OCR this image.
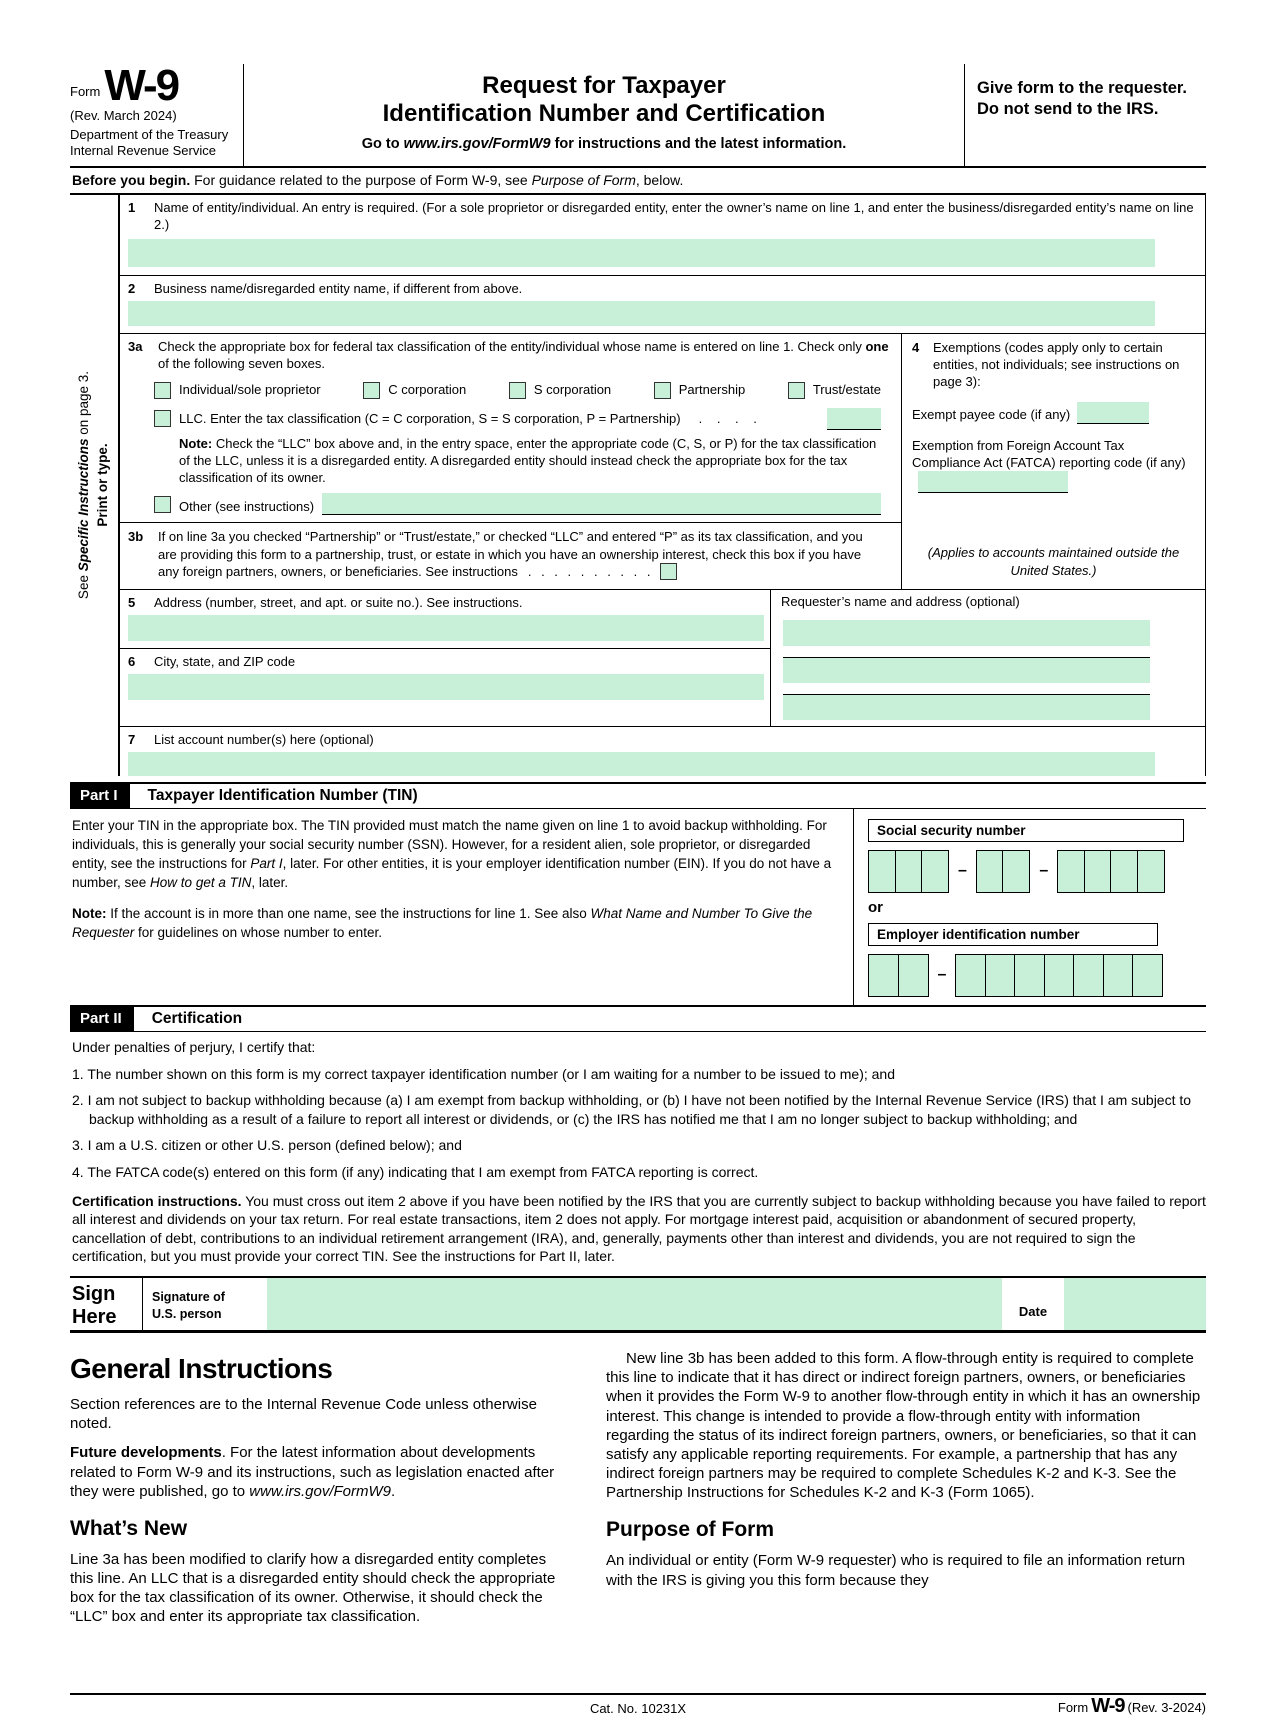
Form W-9
(Rev. March 2024)
Department of the Treasury
Internal Revenue Service
Request for Taxpayer
Identification Number and Certification
Go to www.irs.gov/FormW9 for instructions and the latest information.
Give form to the requester. Do not send to the IRS.
Before you begin. For guidance related to the purpose of Form W-9, see Purpose of Form, below.
See Specific Instructions on page 3.
Print or type.
1	Name of entity/individual. An entry is required. (For a sole proprietor or disregarded entity, enter the owner’s name on line 1, and enter the business/disregarded entity’s name on line 2.)
2	Business name/disregarded entity name, if different from above.
3a	Check the appropriate box for federal tax classification of the entity/individual whose name is entered on line 1. Check only one of the following seven boxes.
Individual/sole proprietor	C corporation	S corporation	Partnership	Trust/estate
LLC. Enter the tax classification (C = C corporation, S = S corporation, P = Partnership) . . . .
Note: Check the “LLC” box above and, in the entry space, enter the appropriate code (C, S, or P) for the tax classification of the LLC, unless it is a disregarded entity. A disregarded entity should instead check the appropriate box for the tax classification of its owner.
Other (see instructions)
3b	If on line 3a you checked “Partnership” or “Trust/estate,” or checked “LLC” and entered “P” as its tax classification, and you are providing this form to a partnership, trust, or estate in which you have an ownership interest, check this box if you have any foreign partners, owners, or beneficiaries. See instructions . . . . . . . . . .
4	Exemptions (codes apply only to certain entities, not individuals; see instructions on page 3):
Exempt payee code (if any)
Exemption from Foreign Account Tax Compliance Act (FATCA) reporting code (if any)
(Applies to accounts maintained outside the United States.)
5	Address (number, street, and apt. or suite no.). See instructions.
6	City, state, and ZIP code
Requester’s name and address (optional)
7	List account number(s) here (optional)
Part I	Taxpayer Identification Number (TIN)

Enter your TIN in the appropriate box. The TIN provided must match the name given on line 1 to avoid backup withholding. For individuals, this is generally your social security number (SSN). However, for a resident alien, sole proprietor, or disregarded entity, see the instructions for Part I, later. For other entities, it is your employer identification number (EIN). If you do not have a number, see How to get a TIN, later.

Note: If the account is in more than one name, see the instructions for line 1. See also What Name and Number To Give the Requester for guidelines on whose number to enter.

Social security number
–	–
or
Employer identification number
–
Part II	Certification
Under penalties of perjury, I certify that:
1. The number shown on this form is my correct taxpayer identification number (or I am waiting for a number to be issued to me); and
2. I am not subject to backup withholding because (a) I am exempt from backup withholding, or (b) I have not been notified by the Internal Revenue Service (IRS) that I am subject to backup withholding as a result of a failure to report all interest or dividends, or (c) the IRS has notified me that I am no longer subject to backup withholding; and
3. I am a U.S. citizen or other U.S. person (defined below); and
4. The FATCA code(s) entered on this form (if any) indicating that I am exempt from FATCA reporting is correct.
Certification instructions. You must cross out item 2 above if you have been notified by the IRS that you are currently subject to backup withholding because you have failed to report all interest and dividends on your tax return. For real estate transactions, item 2 does not apply. For mortgage interest paid, acquisition or abandonment of secured property, cancellation of debt, contributions to an individual retirement arrangement (IRA), and, generally, payments other than interest and dividends, you are not required to sign the certification, but you must provide your correct TIN. See the instructions for Part II, later.
Sign
Here
Signature of
U.S. person	Date
General Instructions

Section references are to the Internal Revenue Code unless otherwise noted.

Future developments. For the latest information about developments related to Form W-9 and its instructions, such as legislation enacted after they were published, go to www.irs.gov/FormW9.

What’s New

Line 3a has been modified to clarify how a disregarded entity completes this line. An LLC that is a disregarded entity should check the appropriate box for the tax classification of its owner. Otherwise, it should check the “LLC” box and enter its appropriate tax classification.

New line 3b has been added to this form. A flow-through entity is required to complete this line to indicate that it has direct or indirect foreign partners, owners, or beneficiaries when it provides the Form W-9 to another flow-through entity in which it has an ownership interest. This change is intended to provide a flow-through entity with information regarding the status of its indirect foreign partners, owners, or beneficiaries, so that it can satisfy any applicable reporting requirements. For example, a partnership that has any indirect foreign partners may be required to complete Schedules K-2 and K-3. See the Partnership Instructions for Schedules K-2 and K-3 (Form 1065).

Purpose of Form

An individual or entity (Form W-9 requester) who is required to file an information return with the IRS is giving you this form because they

Cat. No. 10231X	Form W-9 (Rev. 3-2024)
